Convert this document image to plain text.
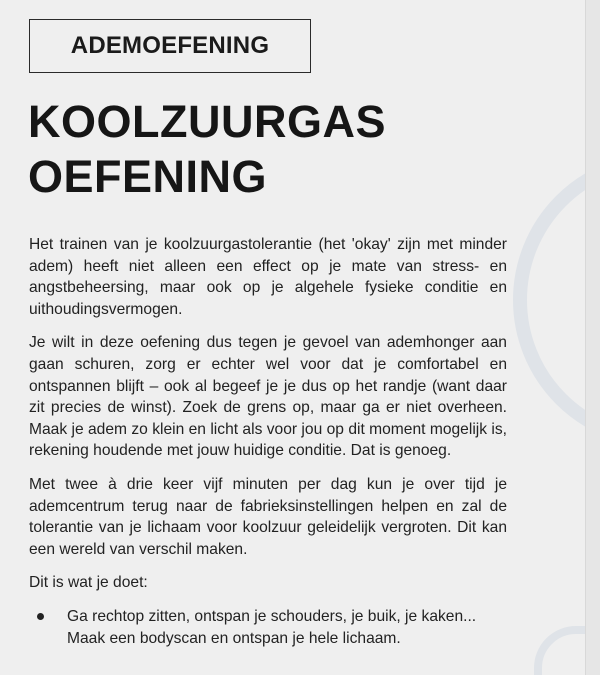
ADEMOEFENING
KOOLZUURGAS
OEFENING

Het trainen van je koolzuurgastolerantie (het 'okay' zijn met minder adem) heeft niet alleen een effect op je mate van stress- en angstbeheersing, maar ook op je algehele fysieke conditie en uithoudingsvermogen.

Je wilt in deze oefening dus tegen je gevoel van ademhonger aan gaan schuren, zorg er echter wel voor dat je comfortabel en ontspannen blijft – ook al begeef je je dus op het randje (want daar zit precies de winst). Zoek de grens op, maar ga er niet overheen. Maak je adem zo klein en licht als voor jou op dit moment mogelijk is, rekening houdende met jouw huidige conditie. Dat is genoeg.

Met twee à drie keer vijf minuten per dag kun je over tijd je ademcentrum terug naar de fabrieksinstellingen helpen en zal de tolerantie van je lichaam voor koolzuur geleidelijk vergroten. Dit kan een wereld van verschil maken.

Dit is wat je doet:

Ga rechtop zitten, ontspan je schouders, je buik, je kaken... Maak een bodyscan en ontspan je hele lichaam.
